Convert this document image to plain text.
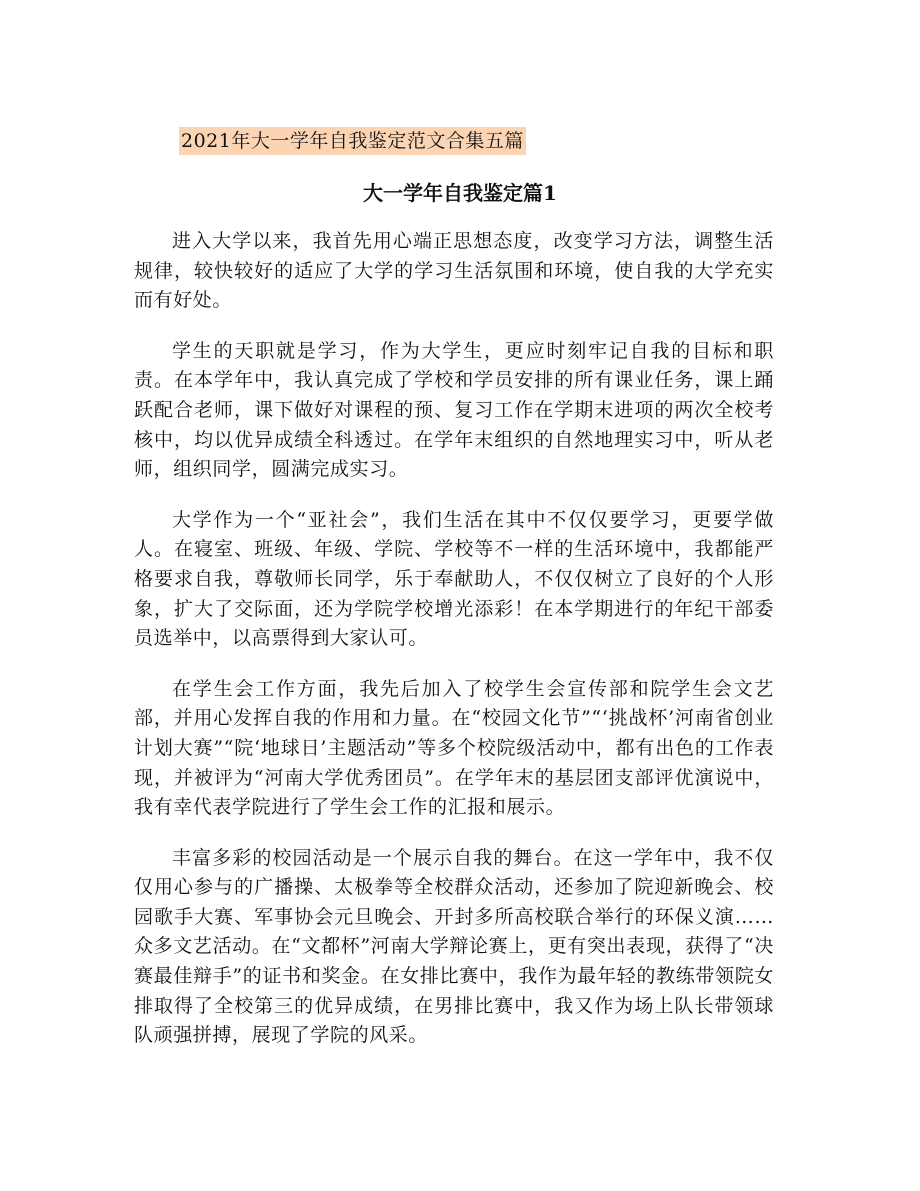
2021年大一学年自我鉴定范文合集五篇
大一学年自我鉴定篇1

进入大学以来，我首先用心端正思想态度，改变学习方法，调整生活规律，较快较好的适应了大学的学习生活氛围和环境，使自我的大学充实而有好处。

学生的天职就是学习，作为大学生，更应时刻牢记自我的目标和职责。在本学年中，我认真完成了学校和学员安排的所有课业任务，课上踊跃配合老师，课下做好对课程的预、复习工作在学期末进项的两次全校考核中，均以优异成绩全科透过。在学年末组织的自然地理实习中，听从老师，组织同学，圆满完成实习。

大学作为一个“亚社会”，我们生活在其中不仅仅要学习，更要学做人。在寝室、班级、年级、学院、学校等不一样的生活环境中，我都能严格要求自我，尊敬师长同学，乐于奉献助人，不仅仅树立了良好的个人形象，扩大了交际面，还为学院学校增光添彩！在本学期进行的年纪干部委员选举中，以高票得到大家认可。

在学生会工作方面，我先后加入了校学生会宣传部和院学生会文艺部，并用心发挥自我的作用和力量。在“校园文化节”“‘挑战杯’河南省创业计划大赛”“院‘地球日’主题活动”等多个校院级活动中，都有出色的工作表现，并被评为“河南大学优秀团员”。在学年末的基层团支部评优演说中，我有幸代表学院进行了学生会工作的汇报和展示。

丰富多彩的校园活动是一个展示自我的舞台。在这一学年中，我不仅仅用心参与的广播操、太极拳等全校群众活动，还参加了院迎新晚会、校园歌手大赛、军事协会元旦晚会、开封多所高校联合举行的环保义演……众多文艺活动。在“文都杯”河南大学辩论赛上，更有突出表现，获得了“决赛最佳辩手”的证书和奖金。在女排比赛中，我作为最年轻的教练带领院女排取得了全校第三的优异成绩，在男排比赛中，我又作为场上队长带领球队顽强拼搏，展现了学院的风采。
